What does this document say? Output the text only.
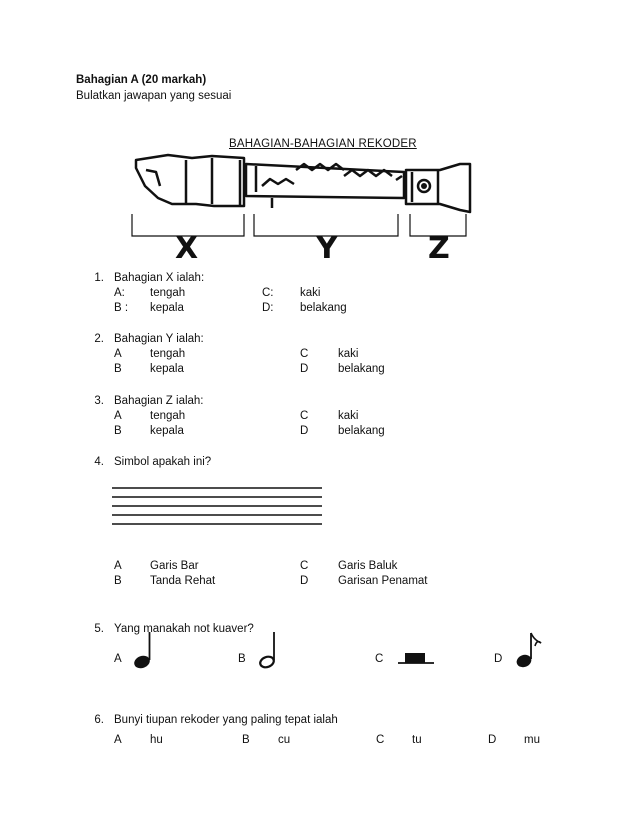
Bahagian A (20 markah)
Bulatkan jawapan yang sesuai
BAHAGIAN-BAHAGIAN REKODER
X	Y	Z
1. Bahagian X ialah:
A: tengah	C: kaki
B : kepala	D: belakang
2. Bahagian Y ialah:
A tengah	C	kaki
B kepala	D	belakang
3. Bahagian Z ialah:
A tengah	C	kaki
B kepala	D	belakang
4. Simbol apakah ini?
A Garis Bar	C	Garis Baluk
B Tanda Rehat	D	Garisan Penamat
5. Yang manakah not kuaver?
A	B	C	D
6. Bunyi tiupan rekoder yang paling tepat ialah
A hu	B cu	C tu	D mu
